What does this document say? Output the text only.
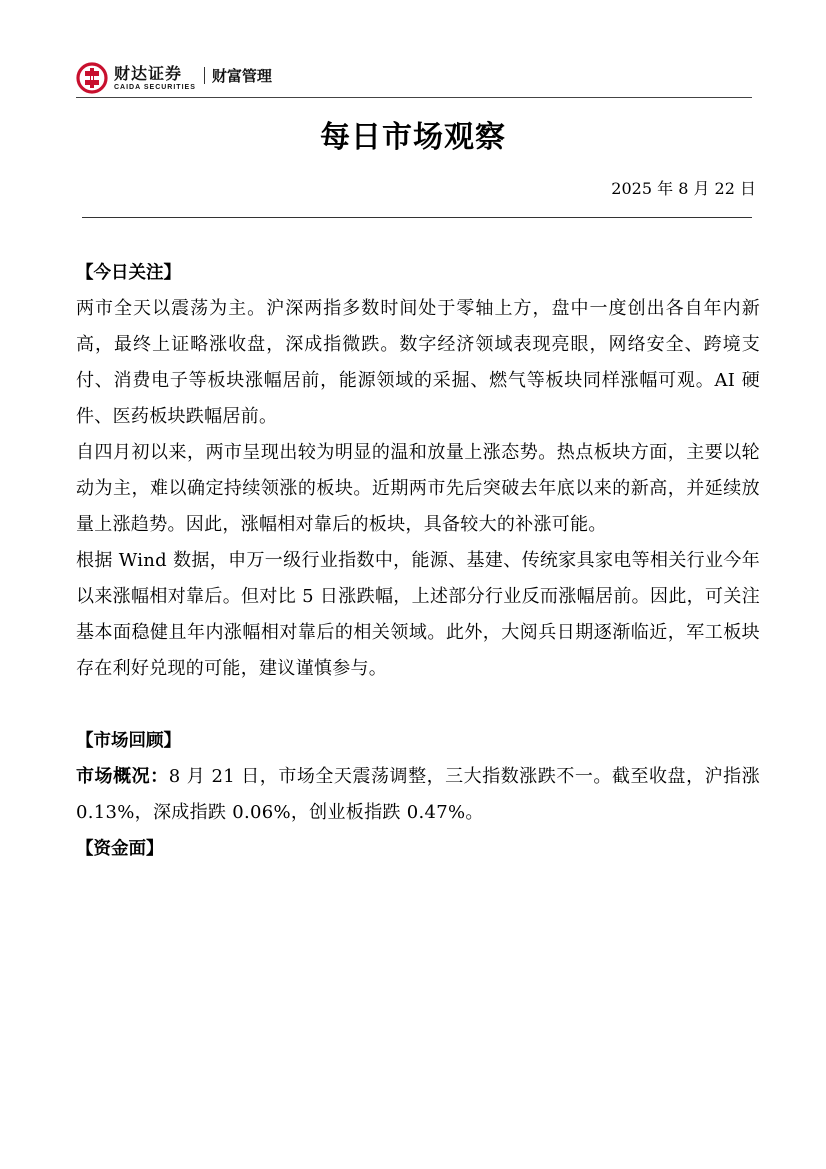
财达证券
CAIDA SECURITIES
财富管理
每日市场观察
2025 年 8 月 22 日
【今日关注】

两市全天以震荡为主。沪深两指多数时间处于零轴上方，盘中一度创出各自年内新高，最终上证略涨收盘，深成指微跌。数字经济领域表现亮眼，网络安全、跨境支付、消费电子等板块涨幅居前，能源领域的采掘、燃气等板块同样涨幅可观。AI 硬件、医药板块跌幅居前。

自四月初以来，两市呈现出较为明显的温和放量上涨态势。热点板块方面，主要以轮动为主，难以确定持续领涨的板块。近期两市先后突破去年底以来的新高，并延续放量上涨趋势。因此，涨幅相对靠后的板块，具备较大的补涨可能。

根据 Wind 数据，申万一级行业指数中，能源、基建、传统家具家电等相关行业今年以来涨幅相对靠后。但对比 5 日涨跌幅，上述部分行业反而涨幅居前。因此，可关注基本面稳健且年内涨幅相对靠后的相关领域。此外，大阅兵日期逐渐临近，军工板块存在利好兑现的可能，建议谨慎参与。

【市场回顾】

市场概况：8 月 21 日，市场全天震荡调整，三大指数涨跌不一。截至收盘，沪指涨 0.13%，深成指跌 0.06%，创业板指跌 0.47%。

【资金面】
